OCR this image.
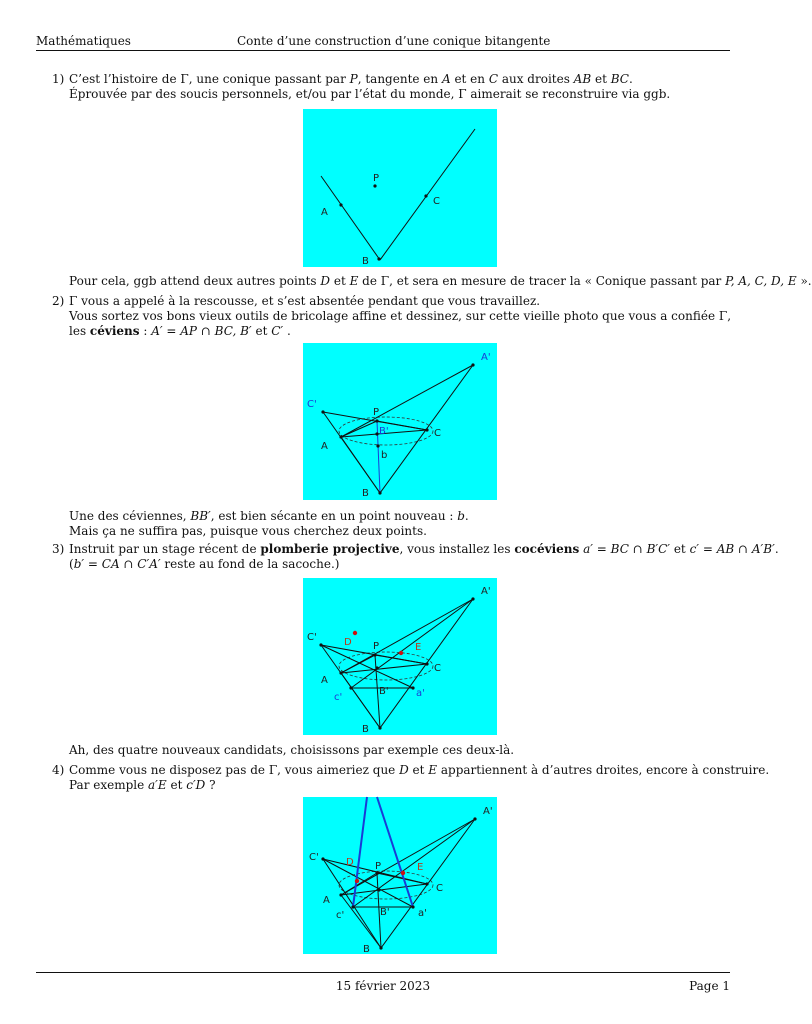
Mathématiques	Conte d’une construction d’une conique bitangente
1) C’est l’histoire de Γ, une conique passant par P, tangente en A et en C aux droites AB et BC.
Éprouvée par des soucis personnels, et/ou par l’état du monde, Γ aimerait se reconstruire via ggb.
P
A
B
C
Pour cela, ggb attend deux autres points D et E de Γ, et sera en mesure de tracer la « Conique passant par P, A, C, D, E ».
2) Γ vous a appelé à la rescousse, et s’est absentée pendant que vous travaillez.
Vous sortez vos bons vieux outils de bricolage affine et dessinez, sur cette vieille photo que vous a confiée Γ,
les céviens : A′ = AP ∩ BC, B′ et C′ .
A'
C'
P
B'
A
C
b
B
Une des céviennes, BB′, est bien sécante en un point nouveau : b.
Mais ça ne suffira pas, puisque vous cherchez deux points.
3) Instruit par un stage récent de plomberie projective, vous installez les cocéviens a′ = BC ∩ B′C′ et c′ = AB ∩ A′B′.
(b′ = CA ∩ C′A′ reste au fond de la sacoche.)
A'
C'	D P	E
A
C
c'
B'	a'
B
Ah, des quatre nouveaux candidats, choisissons par exemple ces deux-là.
4) Comme vous ne disposez pas de Γ, vous aimeriez que D et E appartiennent à d’autres droites, encore à construire.
Par exemple a′E et c′D ?
A'
C'	D P	E
A
C
c'	B'	a'
B
15 février 2023	Page 1
